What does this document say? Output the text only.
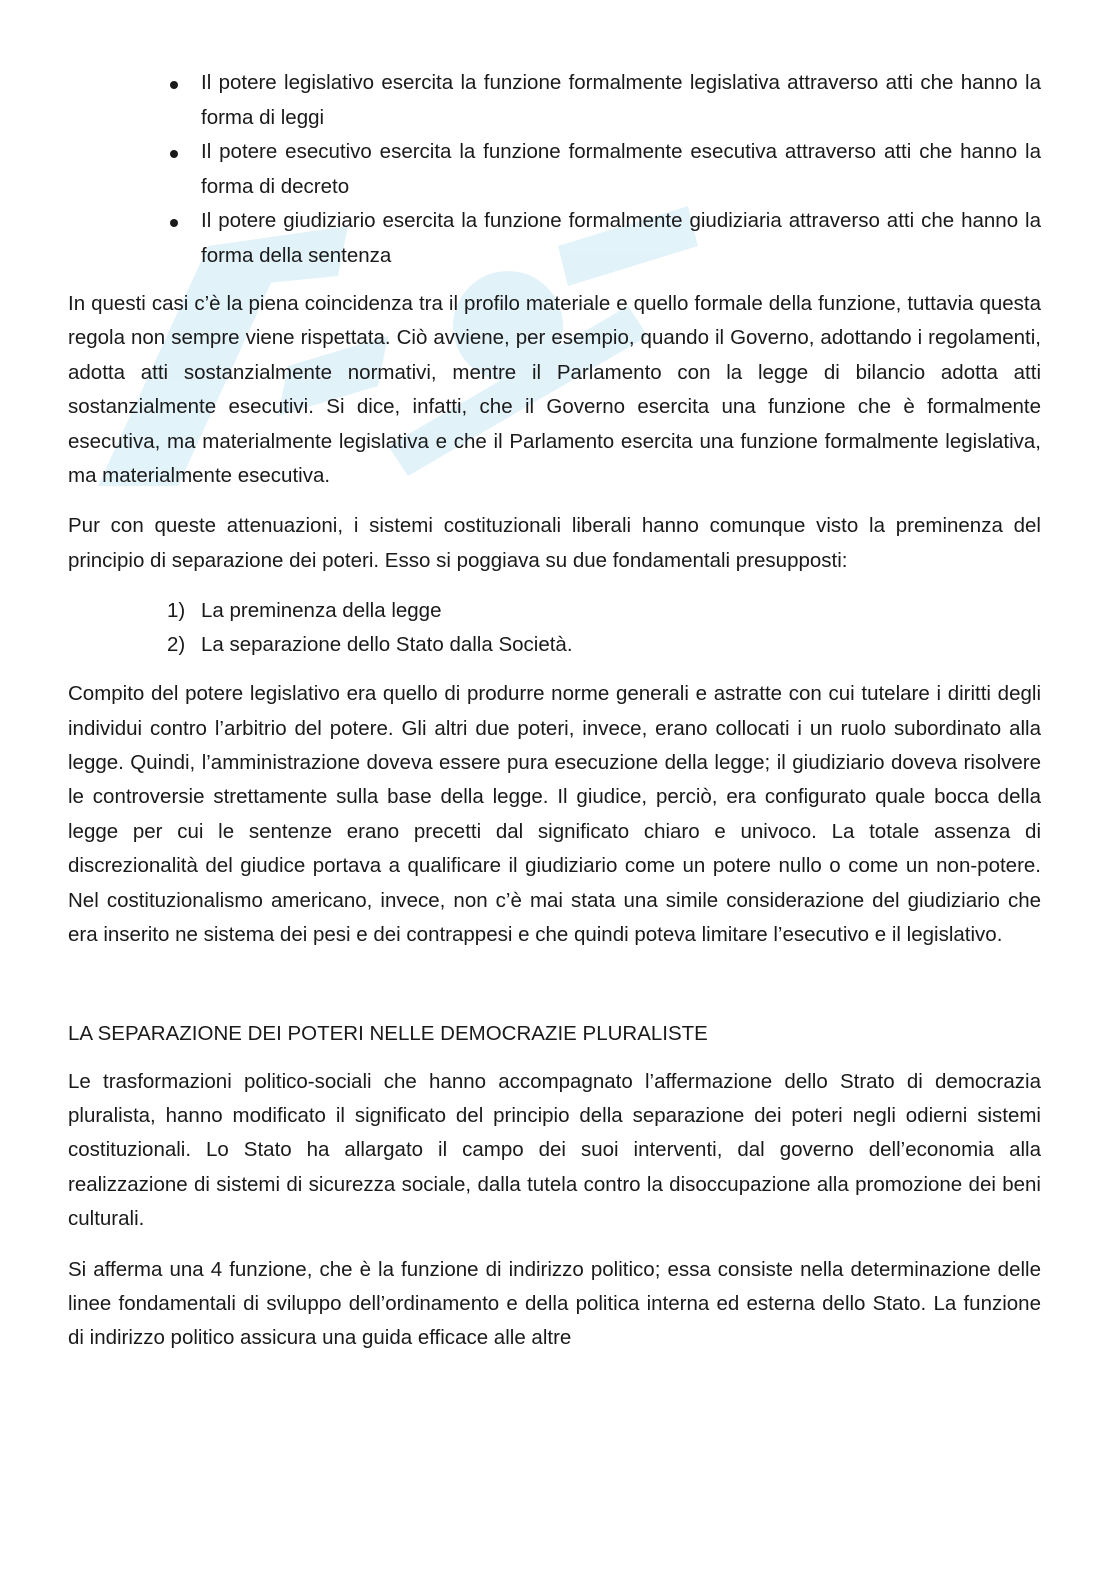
Il potere legislativo esercita la funzione formalmente legislativa attraverso atti che hanno la forma di leggi
Il potere esecutivo esercita la funzione formalmente esecutiva attraverso atti che hanno la forma di decreto
Il potere giudiziario esercita la funzione formalmente giudiziaria attraverso atti che hanno la forma della sentenza

In questi casi c’è la piena coincidenza tra il profilo materiale e quello formale della funzione, tuttavia questa regola non sempre viene rispettata. Ciò avviene, per esempio, quando il Governo, adottando i regolamenti, adotta atti sostanzialmente normativi, mentre il Parlamento con la legge di bilancio adotta atti sostanzialmente esecutivi. Si dice, infatti, che il Governo esercita una funzione che è formalmente esecutiva, ma materialmente legislativa e che il Parlamento esercita una funzione formalmente legislativa, ma materialmente esecutiva.

Pur con queste attenuazioni, i sistemi costituzionali liberali hanno comunque visto la preminenza del principio di separazione dei poteri. Esso si poggiava su due fondamentali presupposti:

1) La preminenza della legge
2) La separazione dello Stato dalla Società.

Compito del potere legislativo era quello di produrre norme generali e astratte con cui tutelare i diritti degli individui contro l’arbitrio del potere. Gli altri due poteri, invece, erano collocati i un ruolo subordinato alla legge. Quindi, l’amministrazione doveva essere pura esecuzione della legge; il giudiziario doveva risolvere le controversie strettamente sulla base della legge. Il giudice, perciò, era configurato quale bocca della legge per cui le sentenze erano precetti dal significato chiaro e univoco. La totale assenza di discrezionalità del giudice portava a qualificare il giudiziario come un potere nullo o come un non-potere. Nel costituzionalismo americano, invece, non c’è mai stata una simile considerazione del giudiziario che era inserito ne sistema dei pesi e dei contrappesi e che quindi poteva limitare l’esecutivo e il legislativo.

LA SEPARAZIONE DEI POTERI NELLE DEMOCRAZIE PLURALISTE

Le trasformazioni politico-sociali che hanno accompagnato l’affermazione dello Strato di democrazia pluralista, hanno modificato il significato del principio della separazione dei poteri negli odierni sistemi costituzionali. Lo Stato ha allargato il campo dei suoi interventi, dal governo dell’economia alla realizzazione di sistemi di sicurezza sociale, dalla tutela contro la disoccupazione alla promozione dei beni culturali.

Si afferma una 4 funzione, che è la funzione di indirizzo politico; essa consiste nella determinazione delle linee fondamentali di sviluppo dell’ordinamento e della politica interna ed esterna dello Stato. La funzione di indirizzo politico assicura una guida efficace alle altre
